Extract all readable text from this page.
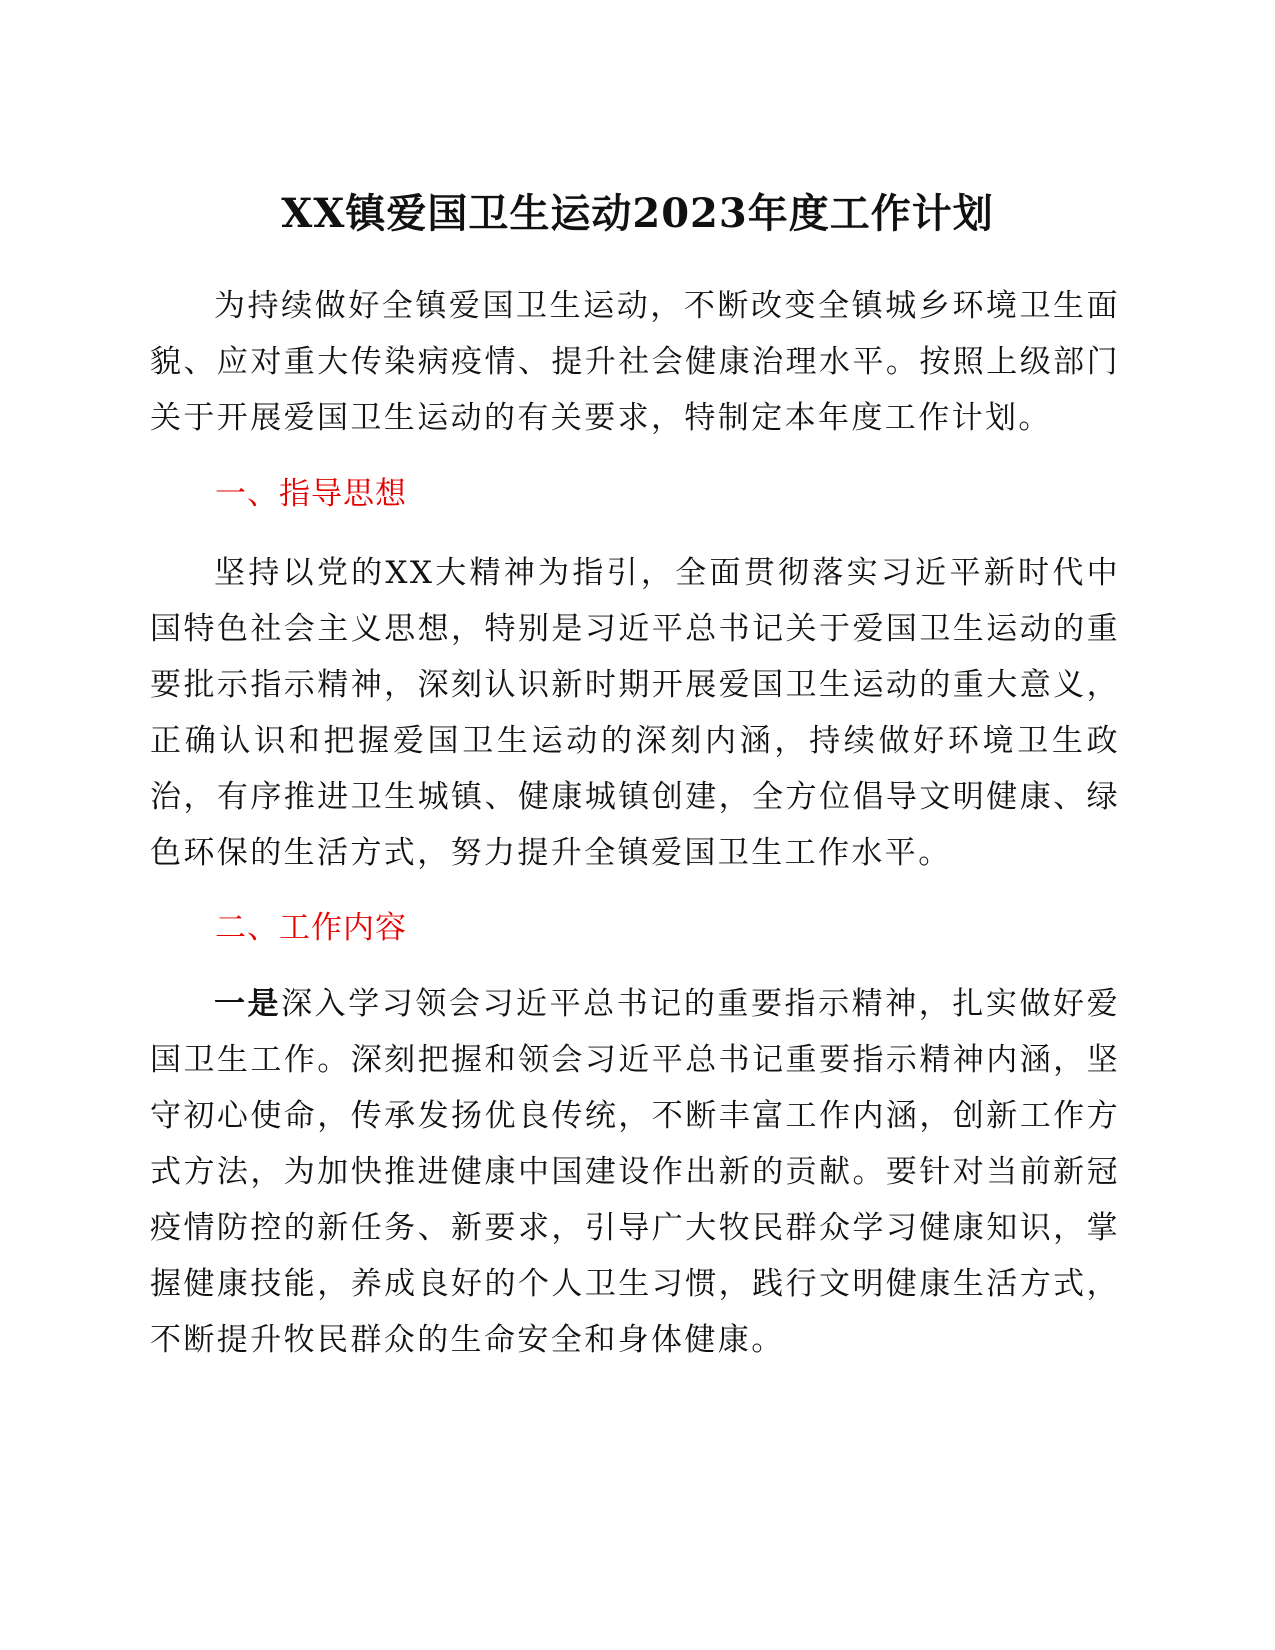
XX镇爱国卫生运动2023年度工作计划

为持续做好全镇爱国卫生运动，不断改变全镇城乡环境卫生面貌、应对重大传染病疫情、提升社会健康治理水平。按照上级部门关于开展爱国卫生运动的有关要求，特制定本年度工作计划。

一、指导思想

坚持以党的XX大精神为指引，全面贯彻落实习近平新时代中国特色社会主义思想，特别是习近平总书记关于爱国卫生运动的重要批示指示精神，深刻认识新时期开展爱国卫生运动的重大意义，正确认识和把握爱国卫生运动的深刻内涵，持续做好环境卫生政治，有序推进卫生城镇、健康城镇创建，全方位倡导文明健康、绿色环保的生活方式，努力提升全镇爱国卫生工作水平。

二、工作内容

一是深入学习领会习近平总书记的重要指示精神，扎实做好爱国卫生工作。深刻把握和领会习近平总书记重要指示精神内涵，坚守初心使命，传承发扬优良传统，不断丰富工作内涵，创新工作方式方法，为加快推进健康中国建设作出新的贡献。要针对当前新冠疫情防控的新任务、新要求，引导广大牧民群众学习健康知识，掌握健康技能，养成良好的个人卫生习惯，践行文明健康生活方式，不断提升牧民群众的生命安全和身体健康。
